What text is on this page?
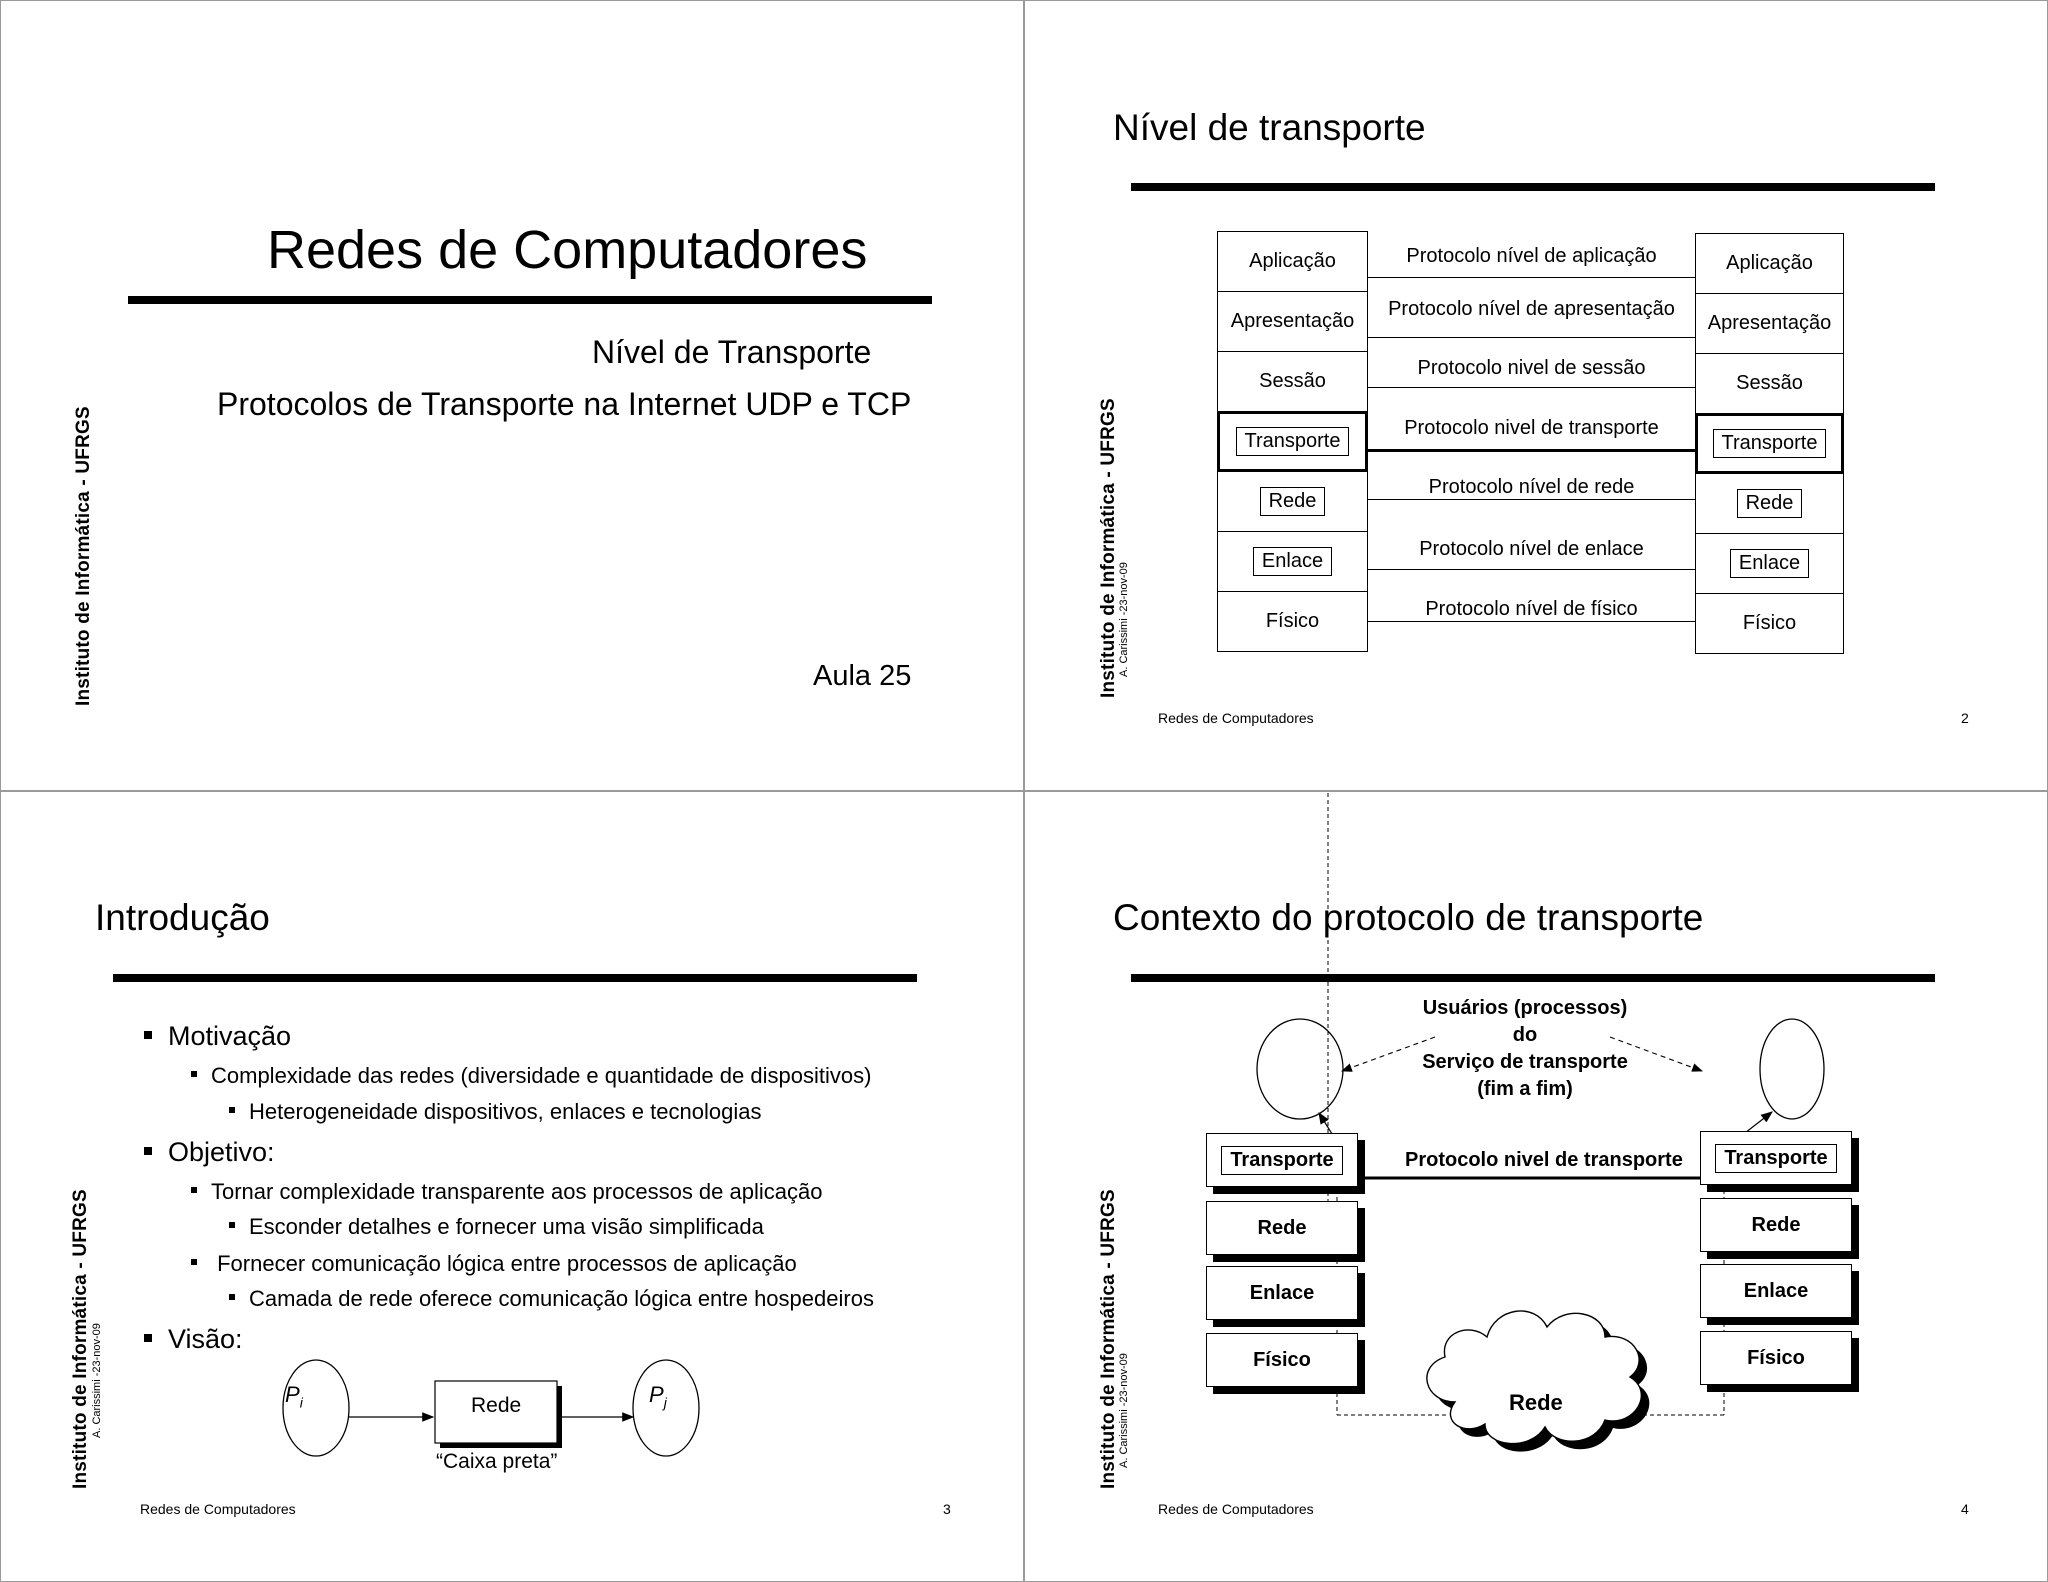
Instituto de Informática - UFRGS
Redes de Computadores
Nível de Transporte
Protocolos de Transporte na Internet UDP e TCP
Aula 25	Instituto de Informática - UFRGS A. Carissimi -23-nov-09
Nível de transporte
Aplicação
Apresentação
Sessão
Transporte
Rede
Enlace
Físico
Aplicação
Apresentação
Sessão
Transporte
Rede
Enlace
Físico
Protocolo nível de aplicação
Protocolo nível de apresentação
Protocolo nivel de sessão
Protocolo nivel de transporte
Protocolo nível de rede
Protocolo nível de enlace
Protocolo nível de físico
Redes de Computadores	2
Instituto de Informática - UFRGS A. Carissimi -23-nov-09
Introdução
Motivação
Complexidade das redes (diversidade e quantidade de dispositivos)
Heterogeneidade dispositivos, enlaces e tecnologias
Objetivo:
Tornar complexidade transparente aos processos de aplicação
Esconder detalhes e fornecer uma visão simplificada
Fornecer comunicação lógica entre processos de aplicação
Camada de rede oferece comunicação lógica entre hospedeiros
Visão:
$P_i$	$P_j$
Rede
“Caixa preta”
Redes de Computadores	3
Instituto de Informática - UFRGS A. Carissimi -23-nov-09
Contexto do protocolo de transporte
Usuários (processos)
do
Serviço de transporte
(fim a fim)
Protocolo nivel de transporte
Transporte
Rede
Enlace
Físico
Transporte
Rede
Enlace
Físico
Rede
Redes de Computadores	4
